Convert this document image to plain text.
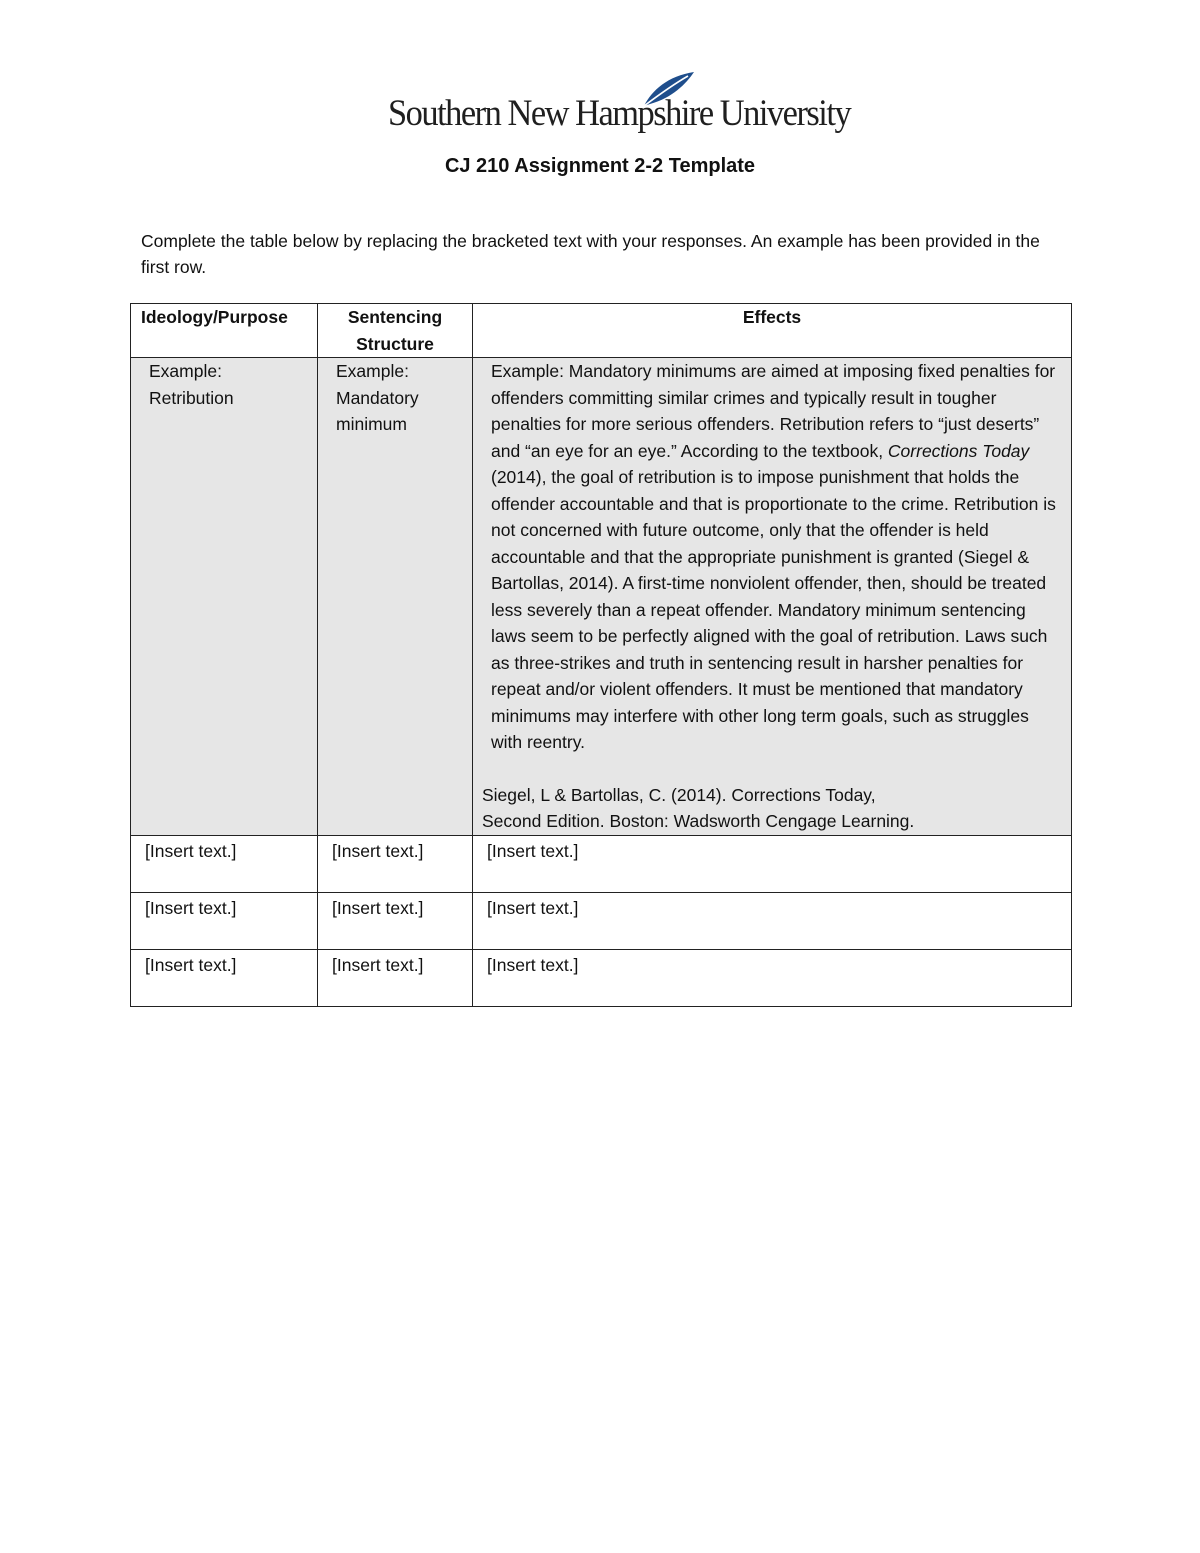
Southern New Hampshire University
CJ 210 Assignment 2-2 Template
Complete the table below by replacing the bracketed text with your responses. An example has been provided in the first row.
Ideology/Purpose	Sentencing Structure	Effects
Example: Retribution	Example: Mandatory minimum	Example: Mandatory minimums are aimed at imposing fixed penalties for offenders committing similar crimes and typically result in tougher penalties for more serious offenders. Retribution refers to “just deserts” and “an eye for an eye.” According to the textbook, Corrections Today (2014), the goal of retribution is to impose punishment that holds the offender accountable and that is proportionate to the crime. Retribution is not concerned with future outcome, only that the offender is held accountable and that the appropriate punishment is granted (Siegel & Bartollas, 2014). A first-time nonviolent offender, then, should be treated less severely than a repeat offender. Mandatory minimum sentencing laws seem to be perfectly aligned with the goal of retribution. Laws such as three-strikes and truth in sentencing result in harsher penalties for repeat and/or violent offenders. It must be mentioned that mandatory minimums may interfere with other long term goals, such as struggles with reentry.
Siegel, L & Bartollas, C. (2014). Corrections Today,
Second Edition. Boston: Wadsworth Cengage Learning.

[Insert text.]	[Insert text.]	[Insert text.]
[Insert text.]	[Insert text.]	[Insert text.]
[Insert text.]	[Insert text.]	[Insert text.]
